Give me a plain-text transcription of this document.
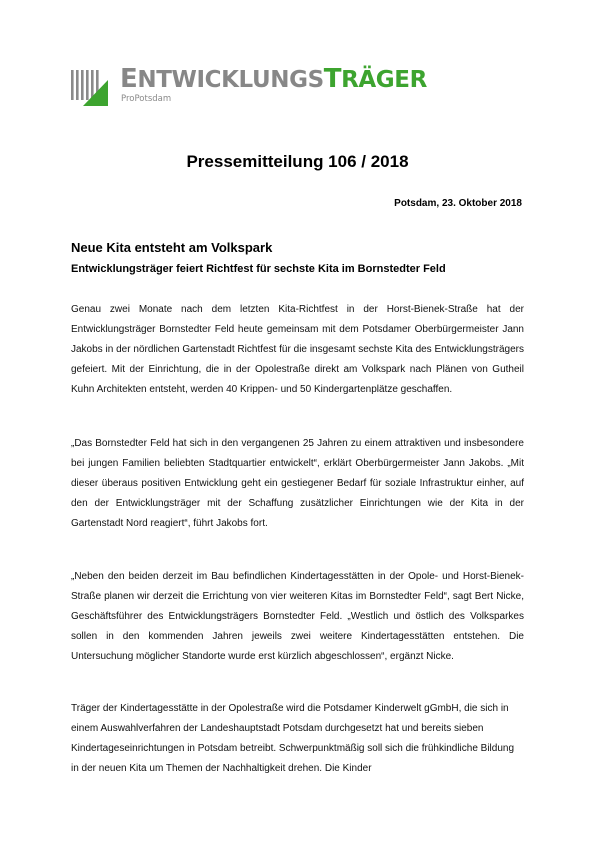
ENTWICKLUNGSTRÄGER
ProPotsdam
Pressemitteilung 106 / 2018
Potsdam, 23. Oktober 2018
Neue Kita entsteht am Volkspark
Entwicklungsträger feiert Richtfest für sechste Kita im Bornstedter Feld

Genau zwei Monate nach dem letzten Kita-Richtfest in der Horst-Bienek-Straße hat der Entwicklungsträger Bornstedter Feld heute gemeinsam mit dem Potsdamer Oberbürgermeister Jann Jakobs in der nördlichen Gartenstadt Richtfest für die insgesamt sechste Kita des Entwicklungsträgers gefeiert. Mit der Einrichtung, die in der Opolestraße direkt am Volkspark nach Plänen von Gutheil Kuhn Architekten entsteht, werden 40 Krippen- und 50 Kindergartenplätze geschaffen.

„Das Bornstedter Feld hat sich in den vergangenen 25 Jahren zu einem attraktiven und insbesondere bei jungen Familien beliebten Stadtquartier entwickelt“, erklärt Oberbürgermeister Jann Jakobs. „Mit dieser überaus positiven Entwicklung geht ein gestiegener Bedarf für soziale Infrastruktur einher, auf den der Entwicklungsträger mit der Schaffung zusätzlicher Einrichtungen wie der Kita in der Gartenstadt Nord reagiert“, führt Jakobs fort.

„Neben den beiden derzeit im Bau befindlichen Kindertagesstätten in der Opole- und Horst-Bienek-Straße planen wir derzeit die Errichtung von vier weiteren Kitas im Bornstedter Feld“, sagt Bert Nicke, Geschäftsführer des Entwicklungsträgers Bornstedter Feld. „Westlich und östlich des Volksparkes sollen in den kommenden Jahren jeweils zwei weitere Kindertagesstätten entstehen. Die Untersuchung möglicher Standorte wurde erst kürzlich abgeschlossen“, ergänzt Nicke.

Träger der Kindertagesstätte in der Opolestraße wird die Potsdamer Kinderwelt gGmbH, die sich in einem Auswahlverfahren der Landeshauptstadt Potsdam durchgesetzt hat und bereits sieben Kindertageseinrichtungen in Potsdam betreibt. Schwerpunktmäßig soll sich die frühkindliche Bildung in der neuen Kita um Themen der Nachhaltigkeit drehen. Die Kinder
